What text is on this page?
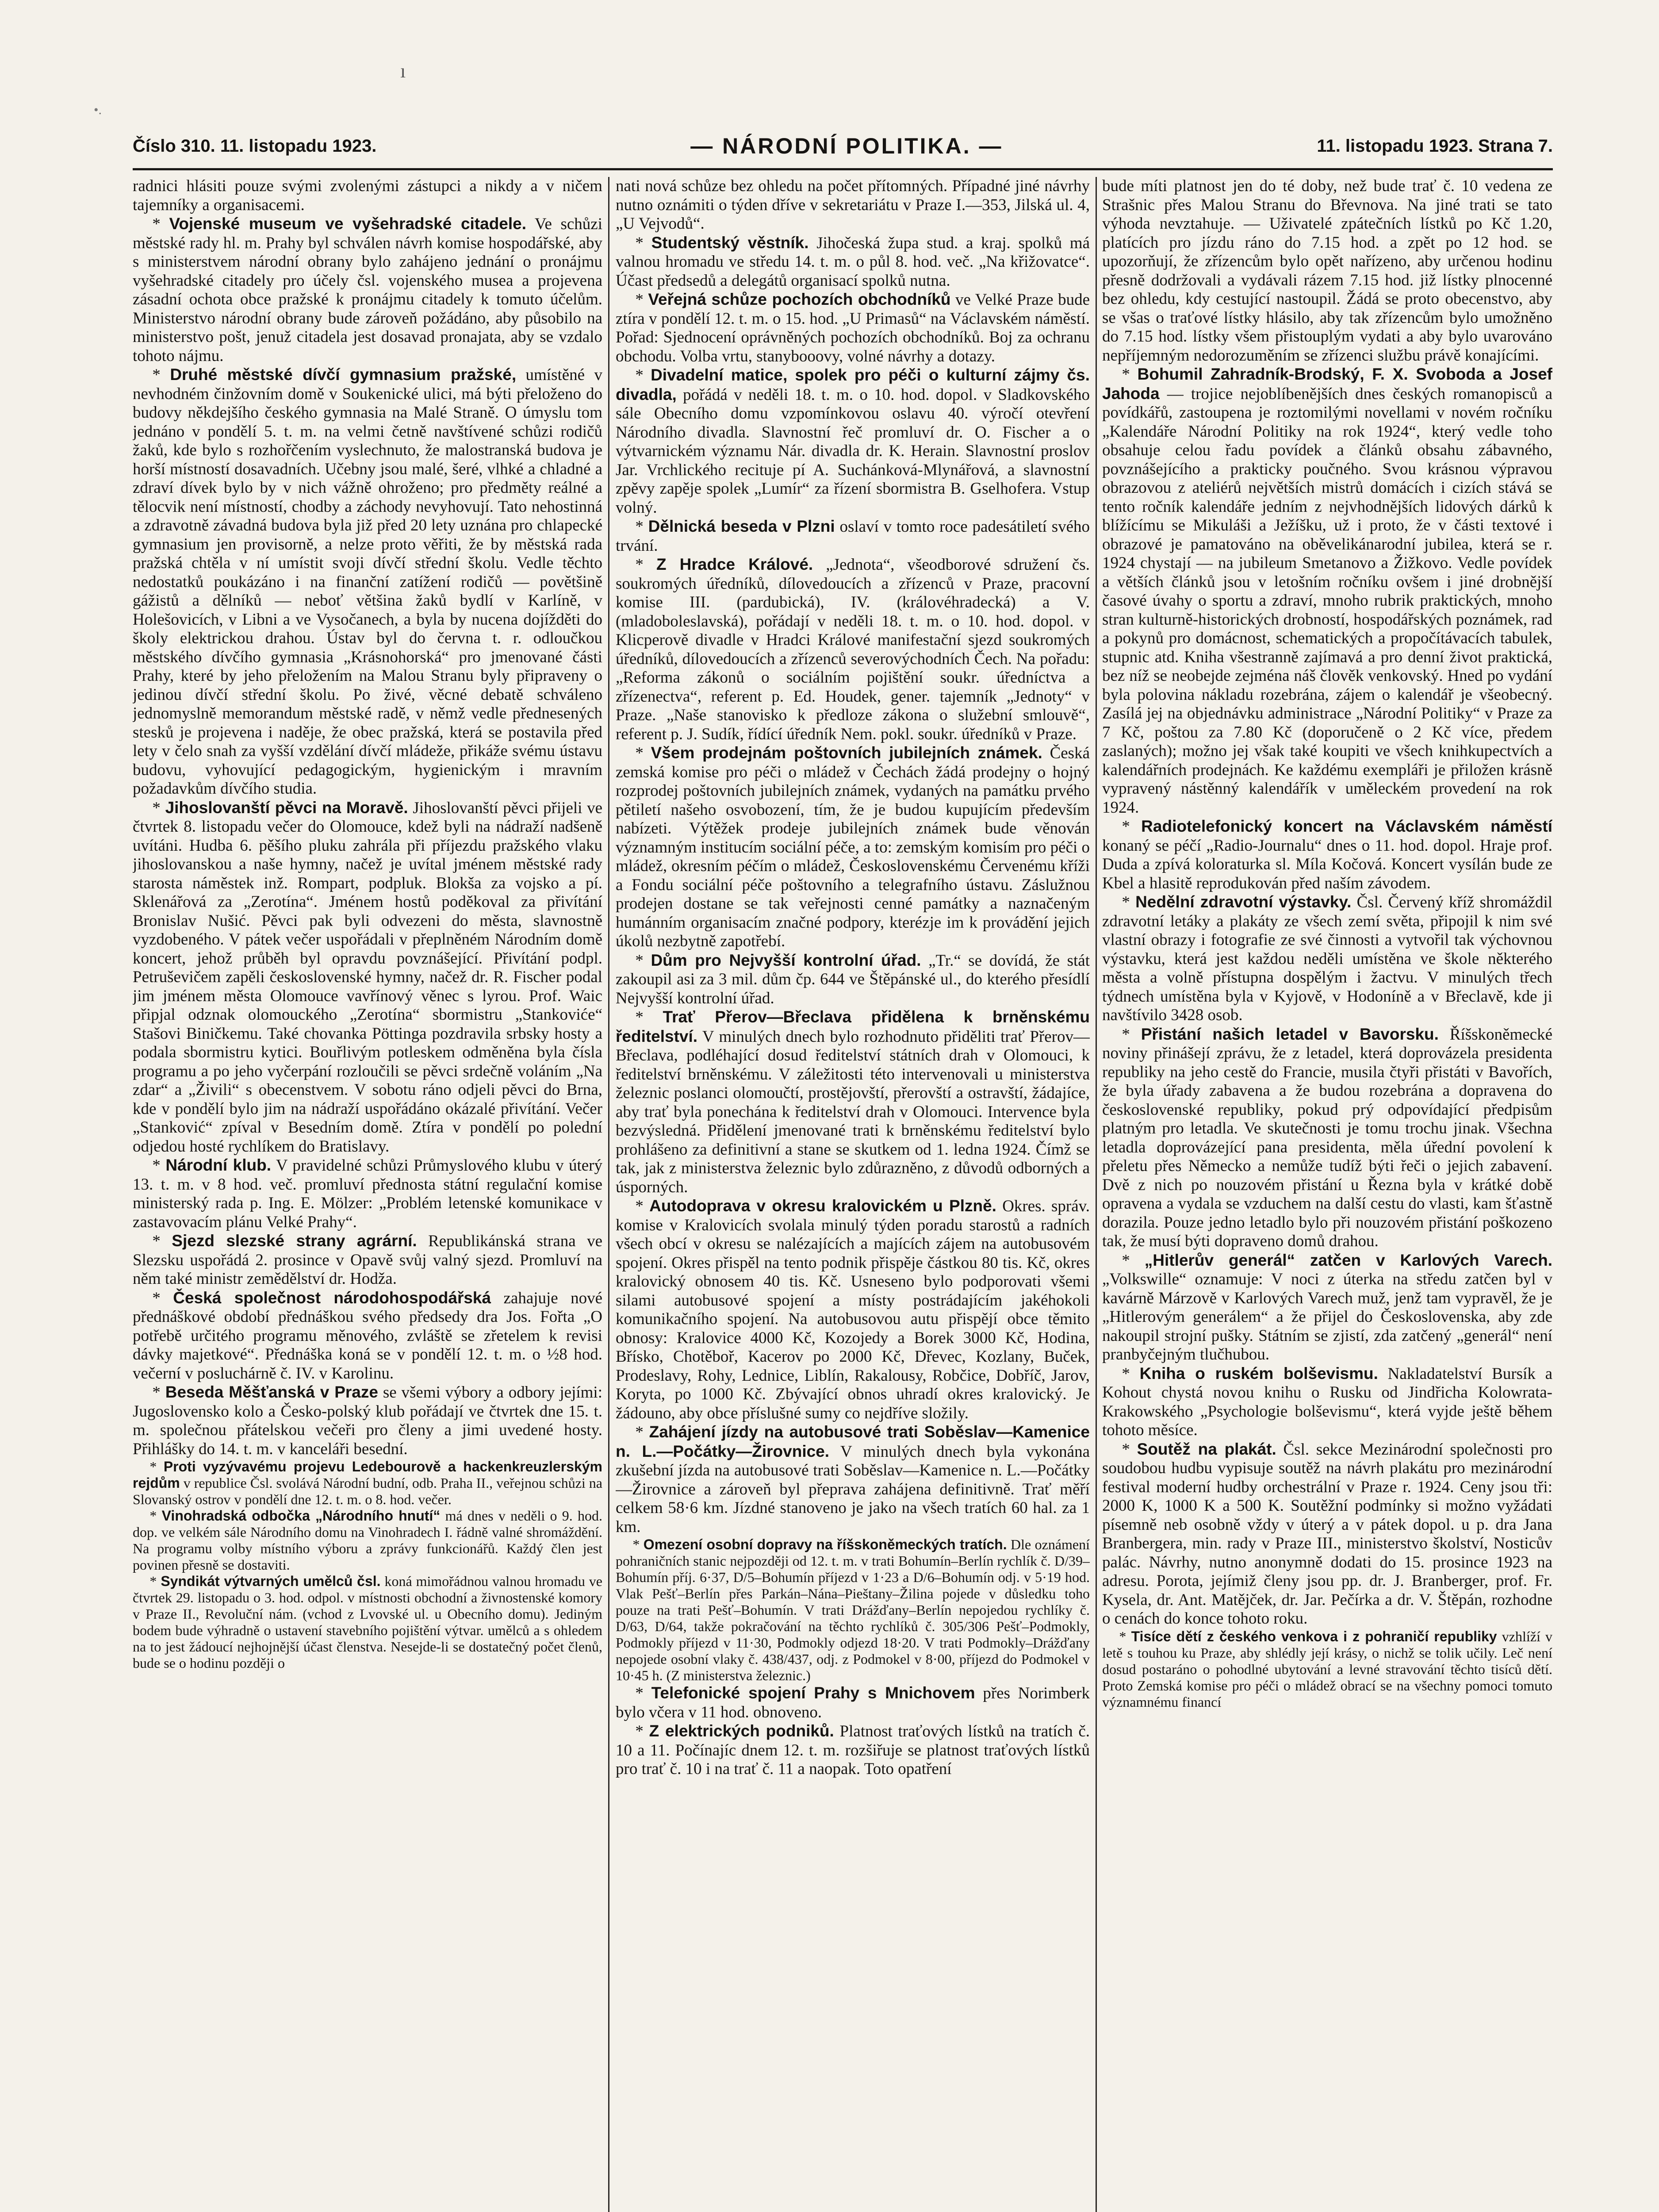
ı
•.
Číslo 310. 11. listopadu 1923.	— NÁRODNÍ POLITIKA. —	11. listopadu 1923. Strana 7.

radnici hlásiti pouze svými zvolenými zástupci a nikdy a v ničem tajemníky a organisacemi.

* Vojenské museum ve vyšehradské citadele. Ve schůzi městské rady hl. m. Prahy byl schválen návrh komise hospodářské, aby s ministerstvem národní obrany bylo zahájeno jednání o pronájmu vyšehradské citadely pro účely čsl. vojenského musea a projevena zásadní ochota obce pražské k pronájmu citadely k tomuto účelům. Ministerstvo národní obrany bude zároveň požádáno, aby působilo na ministerstvo pošt, jenuž citadela jest dosavad pronajata, aby se vzdalo tohoto nájmu.

* Druhé městské dívčí gymnasium pražské, umístěné v nevhodném činžovním domě v Soukenické ulici, má býti přeloženo do budovy někdejšího českého gymnasia na Malé Straně. O úmyslu tom jednáno v pondělí 5. t. m. na velmi četně navštívené schůzi rodičů žaků, kde bylo s rozhořčením vyslechnuto, že malostranská budova je horší místností dosavadních. Učebny jsou malé, šeré, vlhké a chladné a zdraví dívek bylo by v nich vážně ohroženo; pro předměty reálné a tělocvik není místností, chodby a záchody nevyhovují. Tato nehostinná a zdravotně závadná budova byla již před 20 lety uznána pro chlapecké gymnasium jen provisorně, a nelze proto věřiti, že by městská rada pražská chtěla v ní umístit svoji dívčí střední školu. Vedle těchto nedostatků poukázáno i na finanční zatížení rodičů — povětšině gážistů a dělníků — neboť většina žaků bydlí v Karlíně, v Holešovicích, v Libni a ve Vysočanech, a byla by nucena dojížděti do školy elektrickou drahou. Ústav byl do června t. r. odloučkou městského dívčího gymnasia „Krásnohorská“ pro jmenované části Prahy, které by jeho přeložením na Malou Stranu byly připraveny o jedinou dívčí střední školu. Po živé, věcné debatě schváleno jednomyslně memorandum městské radě, v němž vedle přednesených stesků je projevena i naděje, že obec pražská, která se postavila před lety v čelo snah za vyšší vzdělání dívčí mládeže, přikáže svému ústavu budovu, vyhovující pedagogickým, hygienickým i mravním požadavkům dívčího studia.

* Jihoslovanští pěvci na Moravě. Jihoslovanští pěvci přijeli ve čtvrtek 8. listopadu večer do Olomouce, kdež byli na nádraží nadšeně uvítáni. Hudba 6. pěšího pluku zahrála při příjezdu pražského vlaku jihoslovanskou a naše hymny, načež je uvítal jménem městské rady starosta náměstek inž. Rompart, podpluk. Blokša za vojsko a pí. Sklenářová za „Zerotína“. Jménem hostů poděkoval za přivítání Bronislav Nušić. Pěvci pak byli odvezeni do města, slavnostně vyzdobeného. V pátek večer uspořádali v přeplněném Národním domě koncert, jehož průběh byl opravdu povznášející. Přivítání podpl. Petruševičem zapěli československé hymny, načež dr. R. Fischer podal jim jménem města Olomouce vavřínový věnec s lyrou. Prof. Waic připjal odznak olomouckého „Zerotína“ sbormistru „Stankoviće“ Stašovi Biničkemu. Také chovanka Pöttinga pozdravila srbsky hosty a podala sbormistru kytici. Bouřlivým potleskem odměněna byla čísla programu a po jeho vyčerpání rozloučili se pěvci srdečně voláním „Na zdar“ a „Živili“ s obecenstvem. V sobotu ráno odjeli pěvci do Brna, kde v pondělí bylo jim na nádraží uspořádáno okázalé přivítání. Večer „Stanković“ zpíval v Besedním domě. Ztíra v pondělí po polední odjedou hosté rychlíkem do Bratislavy.

* Národní klub. V pravidelné schůzi Průmyslového klubu v úterý 13. t. m. v 8 hod. več. promluví přednosta státní regulační komise ministerský rada p. Ing. E. Mölzer: „Problém letenské komunikace v zastavovacím plánu Velké Prahy“.

* Sjezd slezské strany agrární. Republikánská strana ve Slezsku uspořádá 2. prosince v Opavě svůj valný sjezd. Promluví na něm také ministr zemědělství dr. Hodža.

* Česká společnost národohospodářská zahajuje nové přednáškové období přednáškou svého předsedy dra Jos. Fořta „O potřebě určitého programu měnového, zvláště se zřetelem k revisi dávky majetkové“. Přednáška koná se v pondělí 12. t. m. o ½8 hod. večerní v posluchárně č. IV. v Karolinu.

* Beseda Měšťanská v Praze se všemi výbory a odbory jejími: Jugoslovensko kolo a Česko-polský klub pořádají ve čtvrtek dne 15. t. m. společnou přátelskou večeři pro členy a jimi uvedené hosty. Přihlášky do 14. t. m. v kanceláři besední.

* Proti vyzývavému projevu Ledebourově a hackenkreuzlerským rejdům v republice Čsl. svolává Národní budní, odb. Praha II., veřejnou schůzi na Slovanský ostrov v pondělí dne 12. t. m. o 8. hod. večer.

* Vinohradská odbočka „Národního hnutí“ má dnes v neděli o 9. hod. dop. ve velkém sále Národního domu na Vinohradech I. řádně valné shromáždění. Na programu volby místního výboru a zprávy funkcionářů. Každý člen jest povinen přesně se dostaviti.

* Syndikát výtvarných umělců čsl. koná mimořádnou valnou hromadu ve čtvrtek 29. listopadu o 3. hod. odpol. v místnosti obchodní a živnostenské komory v Praze II., Revoluční nám. (vchod z Lvovské ul. u Obecního domu). Jediným bodem bude výhradně o ustavení stavebního pojištění výtvar. umělců a s ohledem na to jest žádoucí nejhojnější účast členstva. Nesejde-li se dostatečný počet členů, bude se o hodinu později o

nati nová schůze bez ohledu na počet přítomných. Případné jiné návrhy nutno oznámiti o týden dříve v sekretariátu v Praze I.—353, Jilská ul. 4, „U Vejvodů“.

* Studentský věstník. Jihočeská župa stud. a kraj. spolků má valnou hromadu ve středu 14. t. m. o půl 8. hod. več. „Na křižovatce“. Účast předsedů a delegátů organisací spolků nutna.

* Veřejná schůze pochozích obchodníků ve Velké Praze bude ztíra v pondělí 12. t. m. o 15. hod. „U Primasů“ na Václavském náměstí. Pořad: Sjednocení oprávněných pochozích obchodníků. Boj za ochranu obchodu. Volba vrtu, stanybooovy, volné návrhy a dotazy.

* Divadelní matice, spolek pro péči o kulturní zájmy čs. divadla, pořádá v neděli 18. t. m. o 10. hod. dopol. v Sladkovského sále Obecního domu vzpomínkovou oslavu 40. výročí otevření Národního divadla. Slavnostní řeč promluví dr. O. Fischer a o výtvarnickém významu Nár. divadla dr. K. Herain. Slavnostní proslov Jar. Vrchlického recituje pí A. Suchánková-Mlynářová, a slavnostní zpěvy zapěje spolek „Lumír“ za řízení sbormistra B. Gselhofera. Vstup volný.

* Dělnická beseda v Plzni oslaví v tomto roce padesátiletí svého trvání.

* Z Hradce Králové. „Jednota“, všeodborové sdružení čs. soukromých úředníků, dílovedoucích a zřízenců v Praze, pracovní komise III. (pardubická), IV. (královéhradecká) a V. (mladoboleslavská), pořádají v neděli 18. t. m. o 10. hod. dopol. v Klicperově divadle v Hradci Králové manifestační sjezd soukromých úředníků, dílovedoucích a zřízenců severovýchodních Čech. Na pořadu: „Reforma zákonů o sociálním pojištění soukr. úředníctva a zřízenectva“, referent p. Ed. Houdek, gener. tajemník „Jednoty“ v Praze. „Naše stanovisko k předloze zákona o služební smlouvě“, referent p. J. Sudík, řídící úředník Nem. pokl. soukr. úředníků v Praze.

* Všem prodejnám poštovních jubilejních známek. Česká zemská komise pro péči o mládež v Čechách žádá prodejny o hojný rozprodej poštovních jubilejních známek, vydaných na památku prvého pětiletí našeho osvobození, tím, že je budou kupujícím především nabízeti. Výtěžek prodeje jubilejních známek bude věnován významným institucím sociální péče, a to: zemským komisím pro péči o mládež, okresním péčím o mládež, Československému Červenému kříži a Fondu sociální péče poštovního a telegrafního ústavu. Záslužnou prodejen dostane se tak veřejnosti cenné památky a naznačeným humánním organisacím značné podpory, kterézje im k provádění jejich úkolů nezbytně zapotřebí.

* Dům pro Nejvyšší kontrolní úřad. „Tr.“ se dovídá, že stát zakoupil asi za 3 mil. dům čp. 644 ve Štěpánské ul., do kterého přesídlí Nejvyšší kontrolní úřad.

* Trať Přerov—Břeclava přidělena k brněnskému ředitelství. V minulých dnech bylo rozhodnuto přiděliti trať Přerov—Břeclava, podléhající dosud ředitelství státních drah v Olomouci, k ředitelství brněnskému. V záležitosti této intervenovali u ministerstva železnic poslanci olomoučtí, prostějovští, přerovští a ostravští, žádajíce, aby trať byla ponechána k ředitelství drah v Olomouci. Intervence byla bezvýsledná. Přidělení jmenované trati k brněnskému ředitelství bylo prohlášeno za definitivní a stane se skutkem od 1. ledna 1924. Čímž se tak, jak z ministerstva železnic bylo zdůrazněno, z důvodů odborných a úsporných.

* Autodoprava v okresu kralovickém u Plzně. Okres. správ. komise v Kralovicích svolala minulý týden poradu starostů a radních všech obcí v okresu se nalézajících a majících zájem na autobusovém spojení. Okres přispěl na tento podnik přispěje částkou 80 tis. Kč, okres kralovický obnosem 40 tis. Kč. Usneseno bylo podporovati všemi silami autobusové spojení a místy postrádajícím jakéhokoli komunikačního spojení. Na autobusovou autu přispějí obce těmito obnosy: Kralovice 4000 Kč, Kozojedy a Borek 3000 Kč, Hodina, Břísko, Chotěboř, Kacerov po 2000 Kč, Dřevec, Kozlany, Buček, Prodeslavy, Rohy, Lednice, Liblín, Rakalousy, Robčice, Dobříč, Jarov, Koryta, po 1000 Kč. Zbývající obnos uhradí okres kralovický. Je žádouno, aby obce příslušné sumy co nejdříve složily.

* Zahájení jízdy na autobusové trati Soběslav—Kamenice n. L.—Počátky—Žirovnice. V minulých dnech byla vykonána zkušební jízda na autobusové trati Soběslav—Kamenice n. L.—Počátky—Žirovnice a zároveň byl přeprava zahájena definitivně. Trať měří celkem 58·6 km. Jízdné stanoveno je jako na všech tratích 60 hal. za 1 km.

* Omezení osobní dopravy na říšskoněmeckých tratích. Dle oznámení pohraničních stanic nejpozději od 12. t. m. v trati Bohumín–Berlín rychlík č. D/39–Bohumín příj. 6·37, D/5–Bohumín příjezd v 1·23 a D/6–Bohumín odj. v 5·19 hod. Vlak Pešť–Berlín přes Parkán–Nána–Pieštany–Žilina pojede v důsledku toho pouze na trati Pešť–Bohumín. V trati Drážďany–Berlín nepojedou rychlíky č. D/63, D/64, takže pokračování na těchto rychlíků č. 305/306 Pešť–Podmokly, Podmokly příjezd v 11·30, Podmokly odjezd 18·20. V trati Podmokly–Drážďany nepojede osobní vlaky č. 438/437, odj. z Podmokel v 8·00, příjezd do Podmokel v 10·45 h. (Z ministerstva železnic.)

* Telefonické spojení Prahy s Mnichovem přes Norimberk bylo včera v 11 hod. obnoveno.

* Z elektrických podniků. Platnost traťových lístků na tratích č. 10 a 11. Počínajíc dnem 12. t. m. rozšiřuje se platnost traťových lístků pro trať č. 10 i na trať č. 11 a naopak. Toto opatření

bude míti platnost jen do té doby, než bude trať č. 10 vedena ze Strašnic přes Malou Stranu do Břevnova. Na jiné trati se tato výhoda nevztahuje. — Uživatelé zpátečních lístků po Kč 1.20, platících pro jízdu ráno do 7.15 hod. a zpět po 12 hod. se upozorňují, že zřízencům bylo opět nařízeno, aby určenou hodinu přesně dodržovali a vydávali rázem 7.15 hod. již lístky plnocenné bez ohledu, kdy cestující nastoupil. Žádá se proto obecenstvo, aby se všas o traťové lístky hlásilo, aby tak zřízencům bylo umožněno do 7.15 hod. lístky všem přistouplým vydati a aby bylo uvarováno nepříjemným nedorozuměním se zřízenci službu právě konajícími.

* Bohumil Zahradník-Brodský, F. X. Svoboda a Josef Jahoda — trojice nejoblíbenějších dnes českých romanopisců a povídkářů, zastoupena je roztomilými novellami v novém ročníku „Kalendáře Národní Politiky na rok 1924“, který vedle toho obsahuje celou řadu povídek a článků obsahu zábavného, povznášejícího a prakticky poučného. Svou krásnou výpravou obrazovou z ateliérů největších mistrů domácích i cizích stává se tento ročník kalendáře jedním z nejvhodnějších lidových dárků k blížícímu se Mikuláši a Ježíšku, už i proto, že v části textové i obrazové je pamatováno na oběvelikánarodní jubilea, která se r. 1924 chystají — na jubileum Smetanovo a Žižkovo. Vedle povídek a větších článků jsou v letošním ročníku ovšem i jiné drobnější časové úvahy o sportu a zdraví, mnoho rubrik praktických, mnoho stran kulturně-historických drobností, hospodářských poznámek, rad a pokynů pro domácnost, schematických a propočítávacích tabulek, stupnic atd. Kniha všestranně zajímavá a pro denní život praktická, bez níž se neobejde zejména náš člověk venkovský. Hned po vydání byla polovina nákladu rozebrána, zájem o kalendář je všeobecný. Zasílá jej na objednávku administrace „Národní Politiky“ v Praze za 7 Kč, poštou za 7.80 Kč (doporučeně o 2 Kč více, předem zaslaných); možno jej však také koupiti ve všech knihkupectvích a kalendářních prodejnách. Ke každému exempláři je přiložen krásně vypravený nástěnný kalendářík v uměleckém provedení na rok 1924.

* Radiotelefonický koncert na Václavském náměstí konaný se péčí „Radio-Journalu“ dnes o 11. hod. dopol. Hraje prof. Duda a zpívá koloraturka sl. Míla Kočová. Koncert vysílán bude ze Kbel a hlasitě reprodukován před naším závodem.

* Nedělní zdravotní výstavky. Čsl. Červený kříž shromáždil zdravotní letáky a plakáty ze všech zemí světa, připojil k nim své vlastní obrazy i fotografie ze své činnosti a vytvořil tak výchovnou výstavku, která jest každou neděli umístěna ve škole některého města a volně přístupna dospělým i žactvu. V minulých třech týdnech umístěna byla v Kyjově, v Hodoníně a v Břeclavě, kde ji navštívilo 3428 osob.

* Přistání našich letadel v Bavorsku. Říšskoněmecké noviny přinášejí zprávu, že z letadel, která doprovázela presidenta republiky na jeho cestě do Francie, musila čtyři přistáti v Bavořích, že byla úřady zabavena a že budou rozebrána a dopravena do československé republiky, pokud prý odpovídající předpisům platným pro letadla. Ve skutečnosti je tomu trochu jinak. Všechna letadla doprovázející pana presidenta, měla úřední povolení k přeletu přes Německo a nemůže tudíž býti řeči o jejich zabavení. Dvě z nich po nouzovém přistání u Řezna byla v krátké době opravena a vydala se vzduchem na další cestu do vlasti, kam šťastně dorazila. Pouze jedno letadlo bylo při nouzovém přistání poškozeno tak, že musí býti dopraveno domů drahou.

* „Hitlerův generál“ zatčen v Karlových Varech. „Volkswille“ oznamuje: V noci z úterka na středu zatčen byl v kavárně Márzově v Karlových Varech muž, jenž tam vypravěl, že je „Hitlerovým generálem“ a že přijel do Československa, aby zde nakoupil strojní pušky. Státním se zjistí, zda zatčený „generál“ není pranbyčejným tlučhubou.

* Kniha o ruském bolševismu. Nakladatelství Bursík a Kohout chystá novou knihu o Rusku od Jindřicha Kolowrata-Krakowského „Psychologie bolševismu“, která vyjde ještě během tohoto měsíce.

* Soutěž na plakát. Čsl. sekce Mezinárodní společnosti pro soudobou hudbu vypisuje soutěž na návrh plakátu pro mezinárodní festival moderní hudby orchestrální v Praze r. 1924. Ceny jsou tři: 2000 K, 1000 K a 500 K. Soutěžní podmínky si možno vyžádati písemně neb osobně vždy v úterý a v pátek dopol. u p. dra Jana Branbergera, min. rady v Praze III., ministerstvo školství, Nosticův palác. Návrhy, nutno anonymně dodati do 15. prosince 1923 na adresu. Porota, jejímiž členy jsou pp. dr. J. Branberger, prof. Fr. Kysela, dr. Ant. Matějček, dr. Jar. Pečírka a dr. V. Štěpán, rozhodne o cenách do konce tohoto roku.

* Tisíce dětí z českého venkova i z pohraničí republiky vzhlíží v letě s touhou ku Praze, aby shlédly její krásy, o nichž se tolik učily. Leč není dosud postaráno o pohodlné ubytování a levné stravování těchto tisíců dětí. Proto Zemská komise pro péči o mládež obrací se na všechny pomoci tomuto významnému financí
